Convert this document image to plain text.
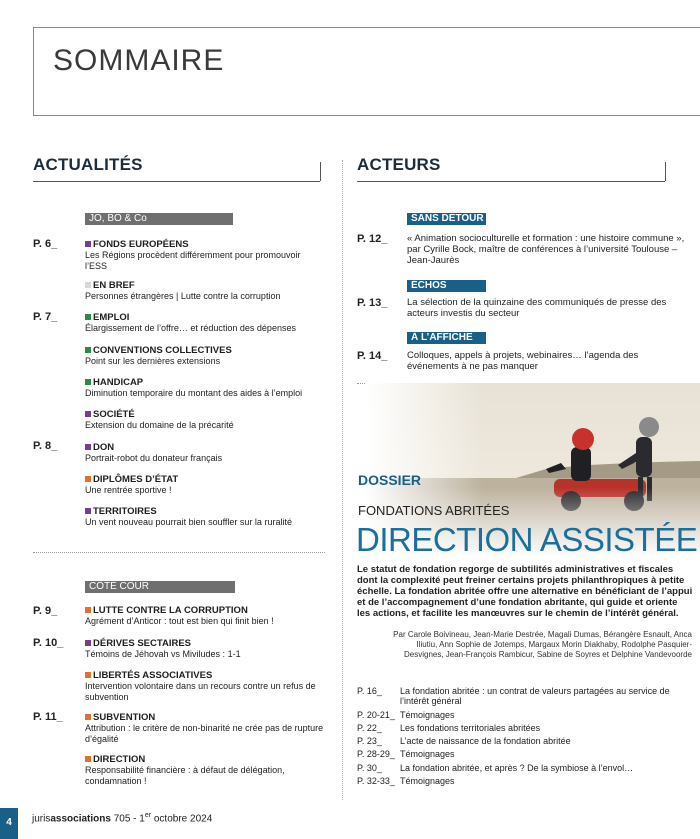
SOMMAIRE
ACTUALITÉS
JO, BO & Co
P. 6_	FONDS EUROPÉENS
Les Régions procèdent différemment pour promouvoir l’ESS
EN BREF
Personnes étrangères | Lutte contre la corruption
P. 7_	EMPLOI
Élargissement de l’offre… et réduction des dépenses
CONVENTIONS COLLECTIVES
Point sur les dernières extensions
HANDICAP
Diminution temporaire du montant des aides à l’emploi
SOCIÉTÉ
Extension du domaine de la précarité
P. 8_	DON
Portrait-robot du donateur français
DIPLÔMES D’ÉTAT
Une rentrée sportive !
TERRITOIRES
Un vent nouveau pourrait bien souffler sur la ruralité
CÔTÉ COUR
P. 9_	LUTTE CONTRE LA CORRUPTION
Agrément d’Anticor : tout est bien qui finit bien !
P. 10_	DÉRIVES SECTAIRES
Témoins de Jéhovah vs Miviludes : 1-1
LIBERTÉS ASSOCIATIVES
Intervention volontaire dans un recours contre un refus de subvention
P. 11_	SUBVENTION
Attribution : le critère de non-binarité ne crée pas de rupture d’égalité
DIRECTION
Responsabilité financière : à défaut de délégation, condamnation !
ACTEURS
SANS DÉTOUR
P. 12_ « Animation socioculturelle et formation : une histoire commune », par Cyrille Bock, maître de conférences à l’université Toulouse – Jean-Jaurès
ÉCHOS
P. 13_ La sélection de la quinzaine des communiqués de presse des acteurs investis du secteur
À L’AFFICHE
P. 14_ Colloques, appels à projets, webinaires… l’agenda des événements à ne pas manquer
DOSSIER
FONDATIONS ABRITÉES
DIRECTION ASSISTÉE
Le statut de fondation regorge de subtilités administratives et fiscales dont la complexité peut freiner certains projets philanthropiques à petite échelle. La fondation abritée offre une alternative en bénéficiant de l’appui et de l’accompagnement d’une fondation abritante, qui guide et oriente les actions, et facilite les manœuvres sur le chemin de l’intérêt général.
Par Carole Boivineau, Jean-Marie Destrée, Magali Dumas, Bérangère Esnault, Anca Iliutiu, Ann Sophie de Jotemps, Margaux Morin Diakhaby, Rodolphe Pasquier-Desvignes, Jean-François Rambicur, Sabine de Soyres et Delphine Vandevoorde
P. 16_ La fondation abritée : un contrat de valeurs partagées au service de l’intérêt général
P. 20-21_ Témoignages
P. 22_ Les fondations territoriales abritées
P. 23_ L’acte de naissance de la fondation abritée
P. 28-29_ Témoignages
P. 30_ La fondation abritée, et après ? De la symbiose à l’envol…
P. 32-33_ Témoignages
4	jurisassociations 705 - 1er octobre 2024
